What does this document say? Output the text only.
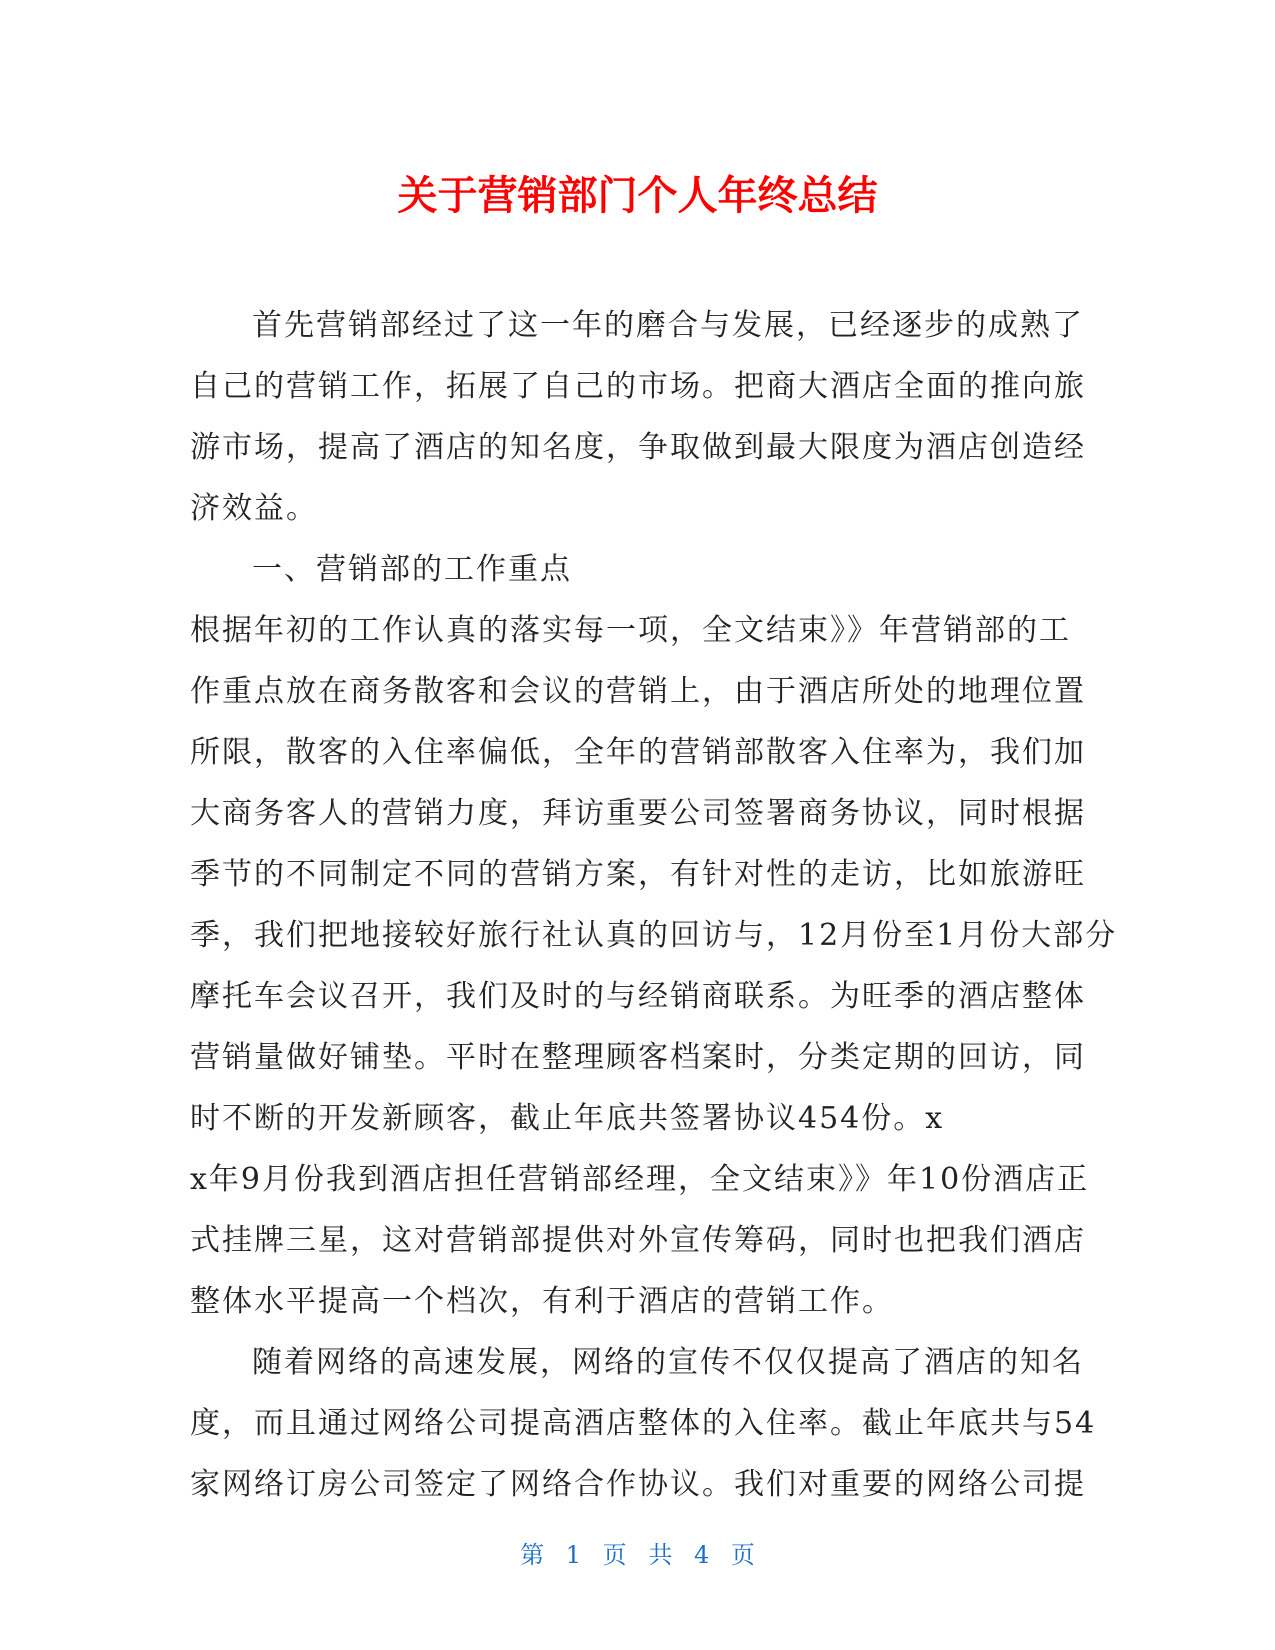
关于营销部门个人年终总结

首先营销部经过了这一年的磨合与发展，已经逐步的成熟了

自己的营销工作，拓展了自己的市场。把商大酒店全面的推向旅

游市场，提高了酒店的知名度，争取做到最大限度为酒店创造经

济效益。

一、营销部的工作重点

根据年初的工作认真的落实每一项，全文结束》》年营销部的工

作重点放在商务散客和会议的营销上，由于酒店所处的地理位置

所限，散客的入住率偏低，全年的营销部散客入住率为，我们加

大商务客人的营销力度，拜访重要公司签署商务协议，同时根据

季节的不同制定不同的营销方案，有针对性的走访，比如旅游旺

季，我们把地接较好旅行社认真的回访与，12月份至1月份大部分

摩托车会议召开，我们及时的与经销商联系。为旺季的酒店整体

营销量做好铺垫。平时在整理顾客档案时，分类定期的回访，同

时不断的开发新顾客，截止年底共签署协议454份。x

x年9月份我到酒店担任营销部经理，全文结束》》年10份酒店正

式挂牌三星，这对营销部提供对外宣传筹码，同时也把我们酒店

整体水平提高一个档次，有利于酒店的营销工作。

随着网络的高速发展，网络的宣传不仅仅提高了酒店的知名

度，而且通过网络公司提高酒店整体的入住率。截止年底共与54

家网络订房公司签定了网络合作协议。我们对重要的网络公司提

第 1 页 共 4 页
